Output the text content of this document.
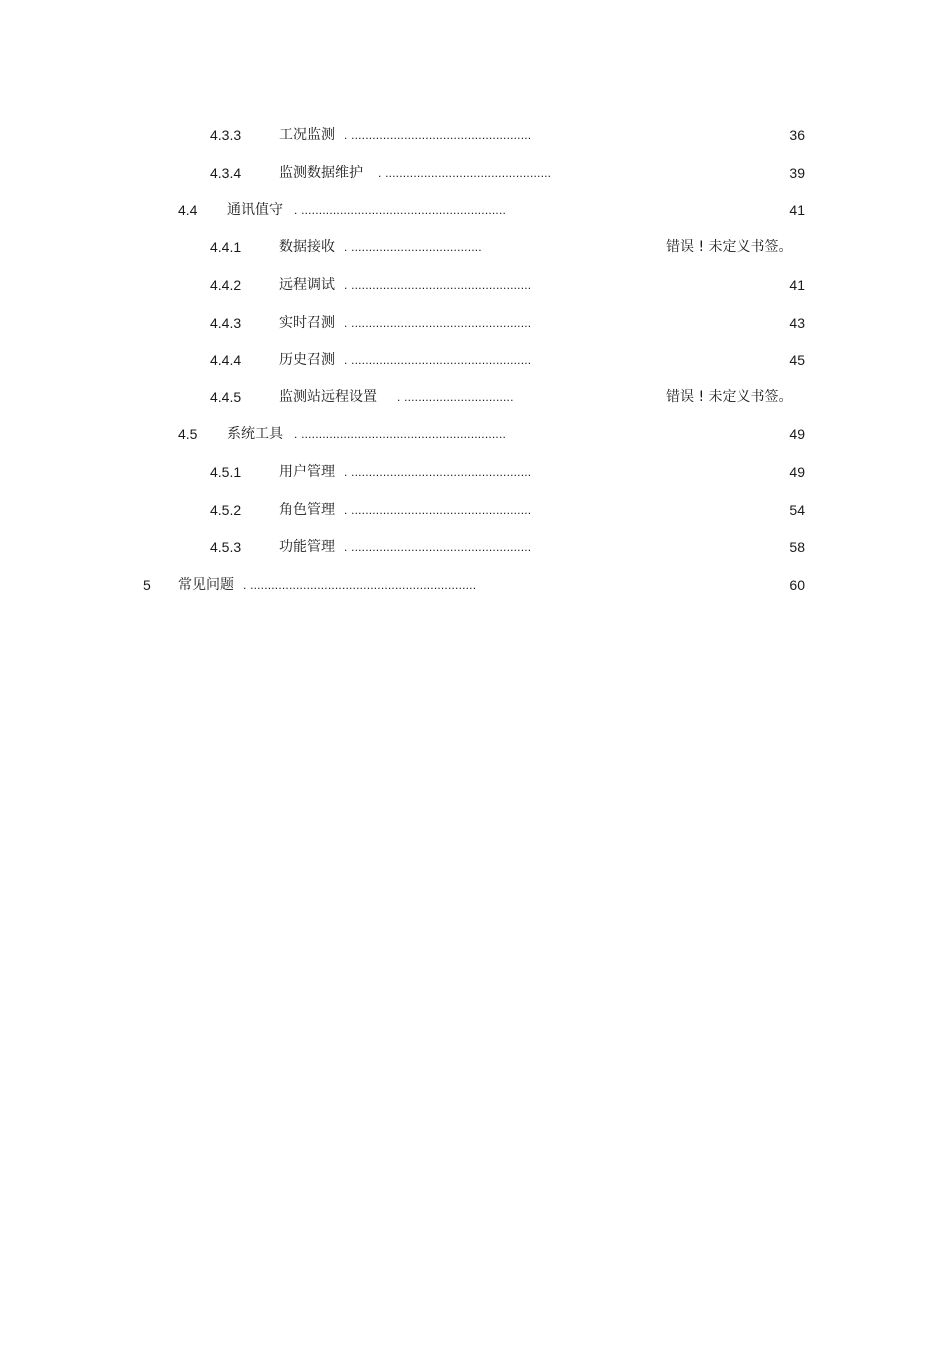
4.3.3	工况监测 . ...................................................	36
4.3.4	监测数据维护 . ...............................................	39
4.4 通讯值守 . ..........................................................	41
4.4.1	数据接收 . .....................................	错误 ! 未定义书签。
4.4.2	远程调试 . ...................................................	41
4.4.3	实时召测 . ...................................................	43
4.4.4	历史召测 . ...................................................	45
4.4.5	监测站远程设置 . ...............................	错误 ! 未定义书签。
4.5 系统工具 . ..........................................................	49
4.5.1	用户管理 . ...................................................	49
4.5.2	角色管理 . ...................................................	54
4.5.3	功能管理 . ...................................................	58
5 常见问题 . ................................................................	60
